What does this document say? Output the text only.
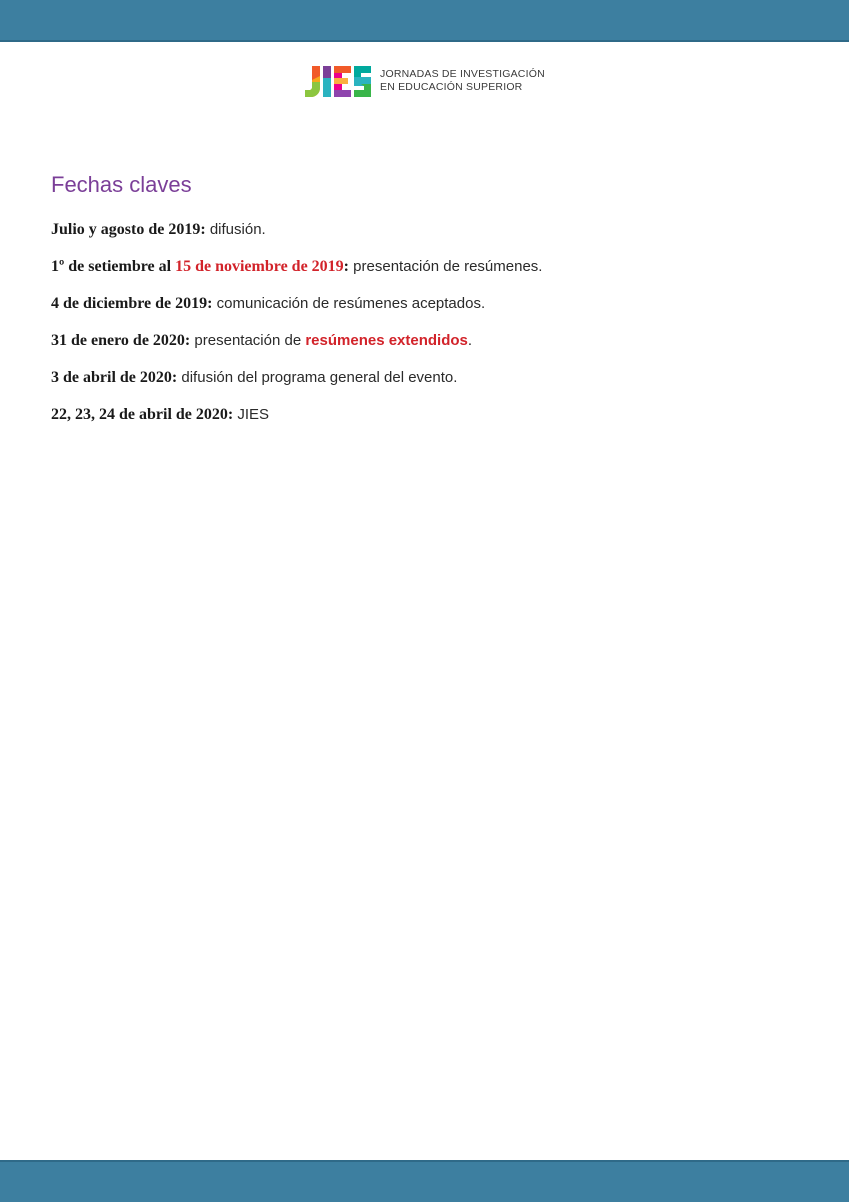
JORNADAS DE INVESTIGACIÓN
EN EDUCACIÓN SUPERIOR
Fechas claves
Julio y agosto de 2019: difusión.
1º de setiembre al 15 de noviembre de 2019: presentación de resúmenes.
4 de diciembre de 2019: comunicación de resúmenes aceptados.
31 de enero de 2020: presentación de resúmenes extendidos.
3 de abril de 2020: difusión del programa general del evento.
22, 23, 24 de abril de 2020: JIES
